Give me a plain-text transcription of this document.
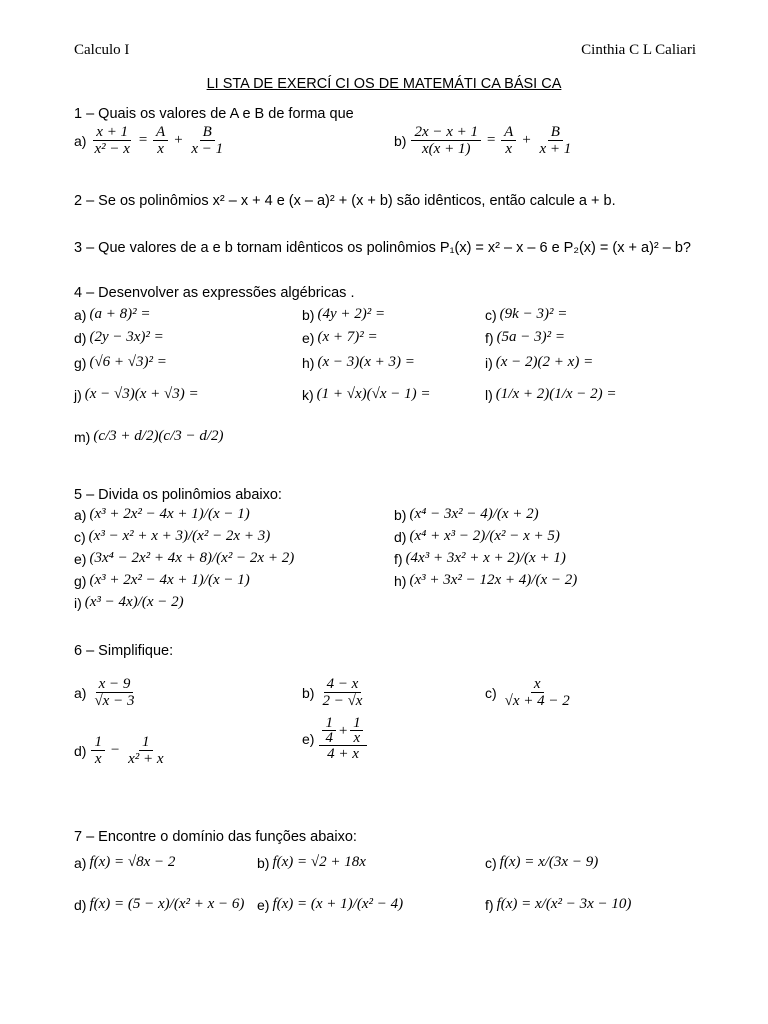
Calculo I	Cinthia C L Caliari
LI STA DE EXERCÍ CI OS DE MATEMÁTI CA BÁSI CA
1 – Quais os valores de A e B de forma que
$a) \frac{x + 1}{\text{x² − x}} = \frac{A}{x} + \frac{B}{x - 1}$	$b) \frac{2x - x + 1}{x(x + 1)} = \frac{A}{x} + \frac{B}{x + 1}$
2 – Se os polinômios x² – x + 4 e (x – a)² + (x + b) são idênticos, então calcule a + b.
3 – Que valores de a e b tornam idênticos os polinômios P₁(x) = x² – x – 6 e P₂(x) = (x + a)² – b?
4 – Desenvolver as expressões algébricas .
a) (a + 8)² =	b) (4y + 2)² =	c) (9k − 3)² =
d) (2y − 3x)² =	e) (x + 7)² =	f) (5a − 3)² =
g) (√6 + √3)² =	h) (x − 3)(x + 3) =	i) (x − 2)(2 + x) =
j) (x − √3)(x + √3) =	k) (1 + √x)(√x − 1) =	l) (1/x + 2)(1/x − 2) =
m) (c/3 + d/2)(c/3 − d/2)
5 – Divida os polinômios abaixo:
a) (x³ + 2x² − 4x + 1)/(x − 1)	b) (x⁴ − 3x² − 4)/(x + 2)
c) (x³ − x² + x + 3)/(x² − 2x + 3)	d) (x⁴ + x³ − 2)/(x² − x + 5)
e) (3x⁴ − 2x² + 4x + 8)/(x² − 2x + 2)	f) (4x³ + 3x² + x + 2)/(x + 1)
g) (x³ + 2x² − 4x + 1)/(x − 1)	h) (x³ + 3x² − 12x + 4)/(x − 2)
i) (x³ − 4x)/(x − 2)
6 – Simplifique:
$a) \frac{x - 9}{√x - 3}$	$b) \frac{4 - x}{2 - √x}$	$c) \frac{x}{√x + 4 - 2}$
$d) \frac{1}{x} - \frac{1}{\text{x² + x}}$	$e) \frac{\frac{1}{4} + \frac{1}{x}}{4 + x}$
7 – Encontre o domínio das funções abaixo:
a) f(x) = √8x − 2	b) f(x) = √2 + 18x	c) f(x) = x/(3x − 9)
d) f(x) = (5 − x)/(x² + x − 6) e) f(x) = (x + 1)/(x² − 4)	f) f(x) = x/(x² − 3x − 10)
